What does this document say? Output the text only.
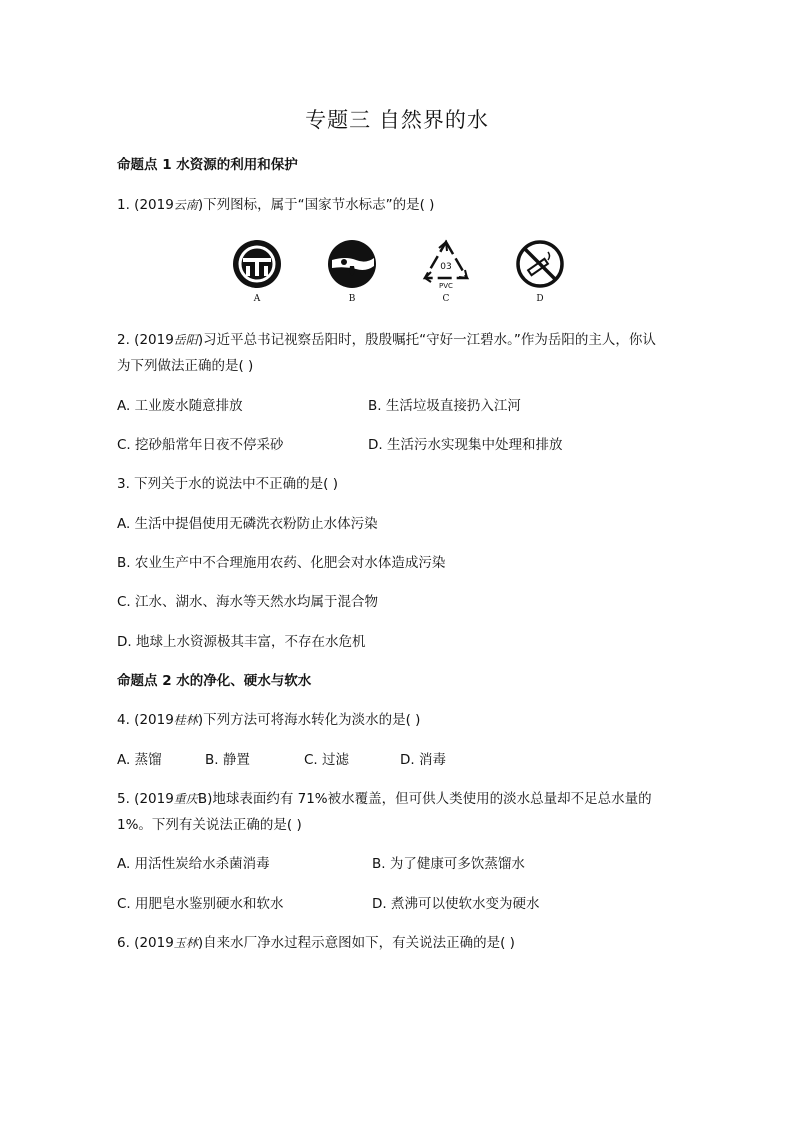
专题三 自然界的水
命题点 1 水资源的利用和保护
1. (2019云南)下列图标，属于“国家节水标志”的是( )
A	B
03
PVC
C	D
2. (2019岳阳)习近平总书记视察岳阳时，殷殷嘱托“守好一江碧水。”作为岳阳的主人，你认
为下列做法正确的是( )
A. 工业废水随意排放	B. 生活垃圾直接扔入江河
C. 挖砂船常年日夜不停采砂	D. 生活污水实现集中处理和排放
3. 下列关于水的说法中不正确的是( )
A. 生活中提倡使用无磷洗衣粉防止水体污染
B. 农业生产中不合理施用农药、化肥会对水体造成污染
C. 江水、湖水、海水等天然水均属于混合物
D. 地球上水资源极其丰富，不存在水危机
命题点 2 水的净化、硬水与软水
4. (2019桂林)下列方法可将海水转化为淡水的是( )
A. 蒸馏	B. 静置	C. 过滤	D. 消毒
5. (2019重庆B)地球表面约有 71%被水覆盖，但可供人类使用的淡水总量却不足总水量的
1%。下列有关说法正确的是( )
A. 用活性炭给水杀菌消毒	B. 为了健康可多饮蒸馏水
C. 用肥皂水鉴别硬水和软水	D. 煮沸可以使软水变为硬水
6. (2019玉林)自来水厂净水过程示意图如下，有关说法正确的是( )
